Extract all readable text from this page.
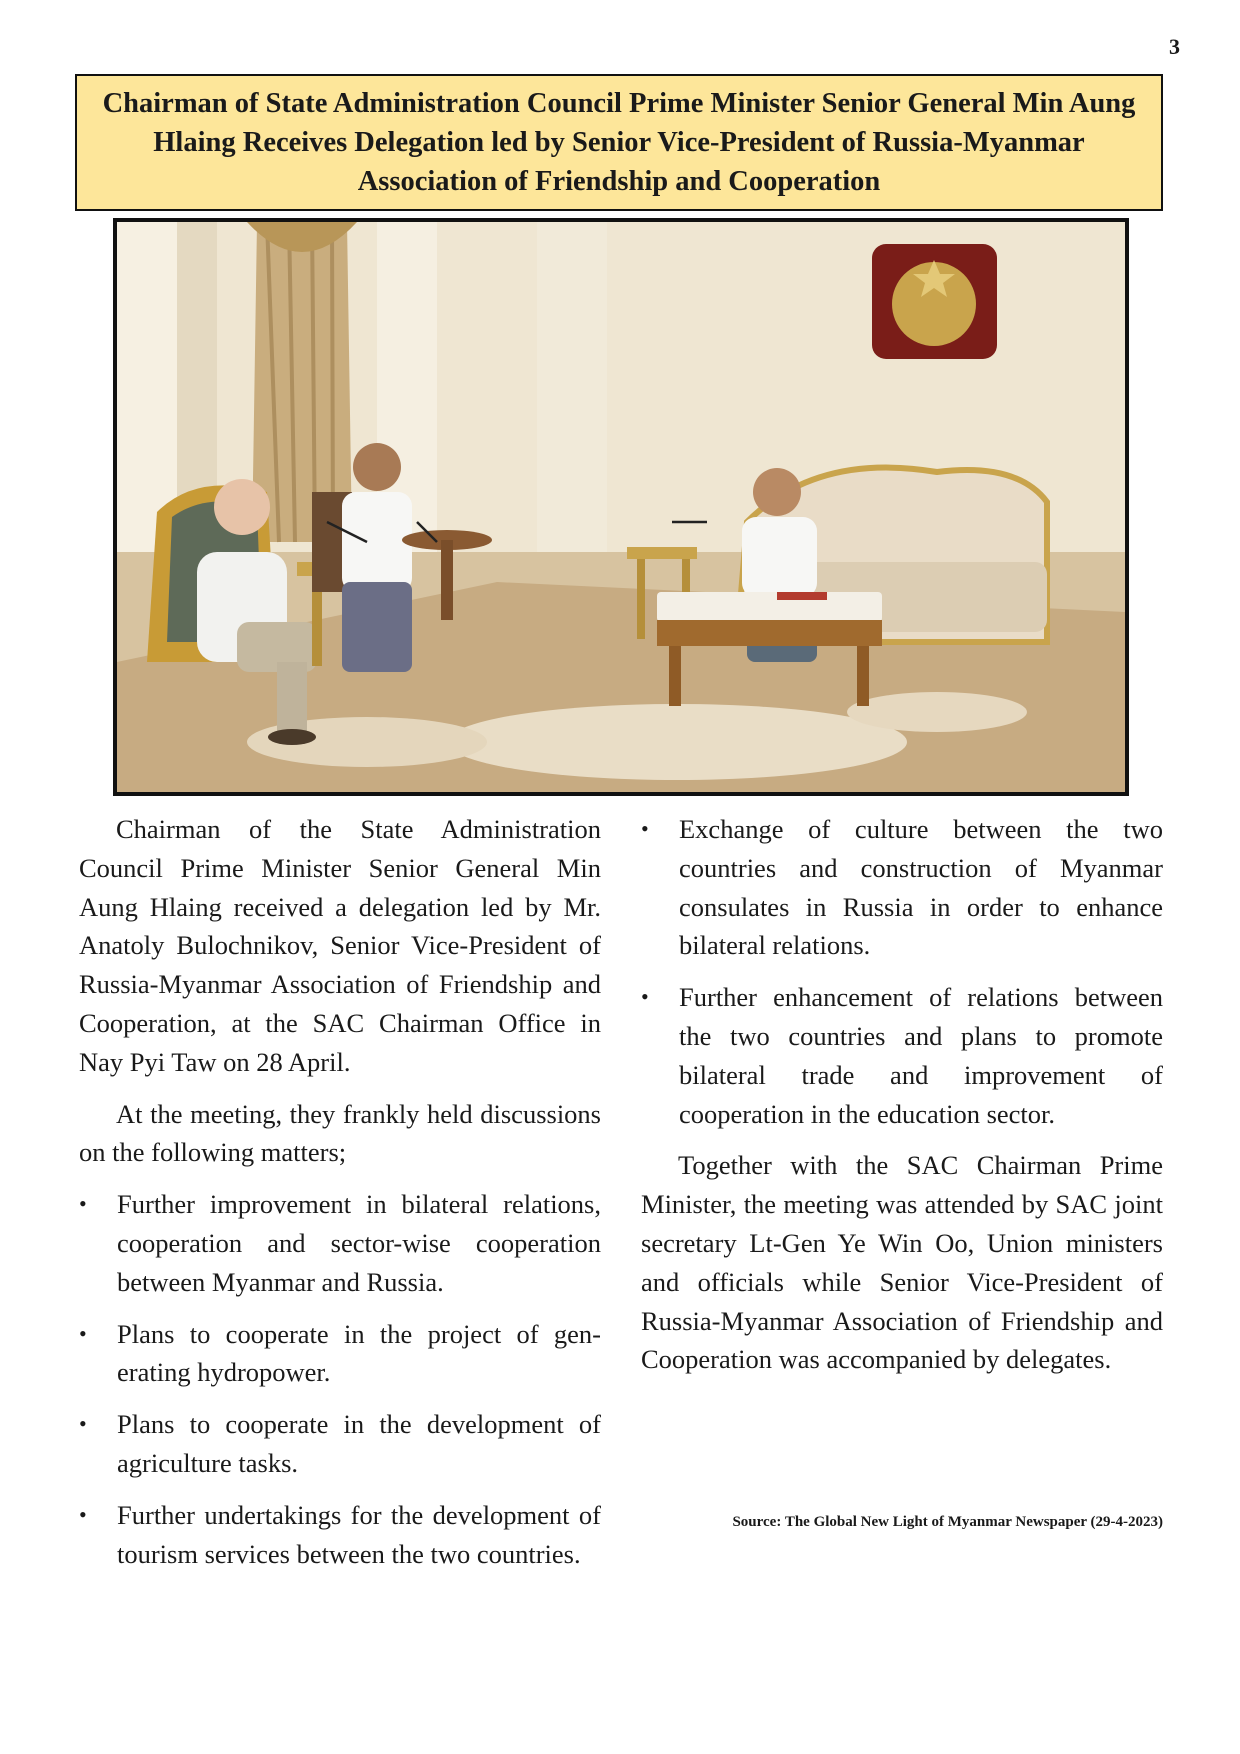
3
Chairman of State Administration Council Prime Minister Senior General Min Aung Hlaing Receives Delegation led by Senior Vice-President of Russia-Myanmar Association of Friendship and Cooperation

Chairman of the State Administration Council Prime Minister Senior General Min Aung Hlaing received a delegation led by Mr. Anatoly Bulochnikov, Senior Vice-President of Russia-Myanmar Association of Friendship and Cooperation, at the SAC Chairman Office in Nay Pyi Taw on 28 April.

At the meeting, they frankly held discussions on the following matters;

•	Further improvement in bilateral relations, cooperation and sector-wise cooperation between Myanmar and Russia.
•	Plans to cooperate in the project of generating hydropower.
•	Plans to cooperate in the development of agriculture tasks.
•	Further undertakings for the development of tourism services between the two countries.
•	Exchange of culture between the two countries and construction of Myanmar consulates in Russia in order to enhance bilateral relations.
•	Further enhancement of relations between the two countries and plans to promote bilateral trade and improvement of cooperation in the education sector.

Together with the SAC Chairman Prime Minister, the meeting was attended by SAC joint secretary Lt-Gen Ye Win Oo, Union ministers and officials while Senior Vice-President of Russia-Myanmar Association of Friendship and Cooperation was accompanied by delegates.

Source: The Global New Light of Myanmar Newspaper (29-4-2023)
